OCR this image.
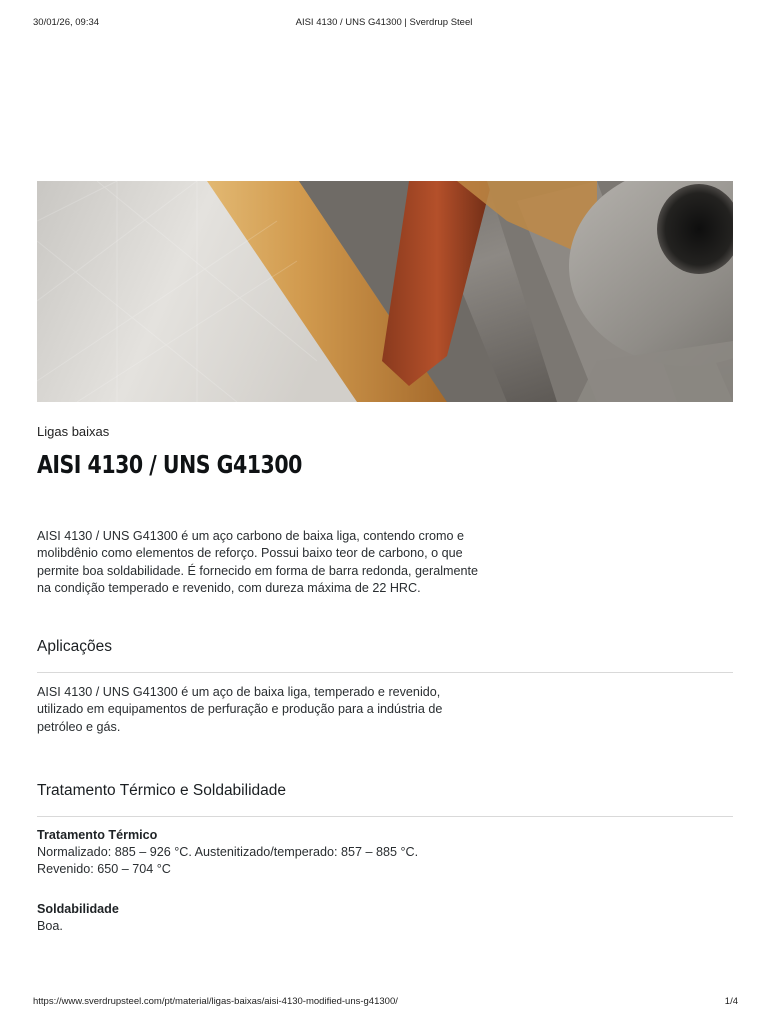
30/01/26, 09:34	AISI 4130 / UNS G41300 | Sverdrup Steel
Ligas baixas
AISI 4130 / UNS G41300

AISI 4130 / UNS G41300 é um aço carbono de baixa liga, contendo cromo e molibdênio como elementos de reforço. Possui baixo teor de carbono, o que permite boa soldabilidade. É fornecido em forma de barra redonda, geralmente na condição temperado e revenido, com dureza máxima de 22 HRC.

Aplicações

AISI 4130 / UNS G41300 é um aço de baixa liga, temperado e revenido, utilizado em equipamentos de perfuração e produção para a indústria de petróleo e gás.

Tratamento Térmico e Soldabilidade

Tratamento Térmico

Normalizado: 885 – 926 °C. Austenitizado/temperado: 857 – 885 °C.

Revenido: 650 – 704 °C

Soldabilidade

Boa.

https://www.sverdrupsteel.com/pt/material/ligas-baixas/aisi-4130-modified-uns-g41300/	1/4
